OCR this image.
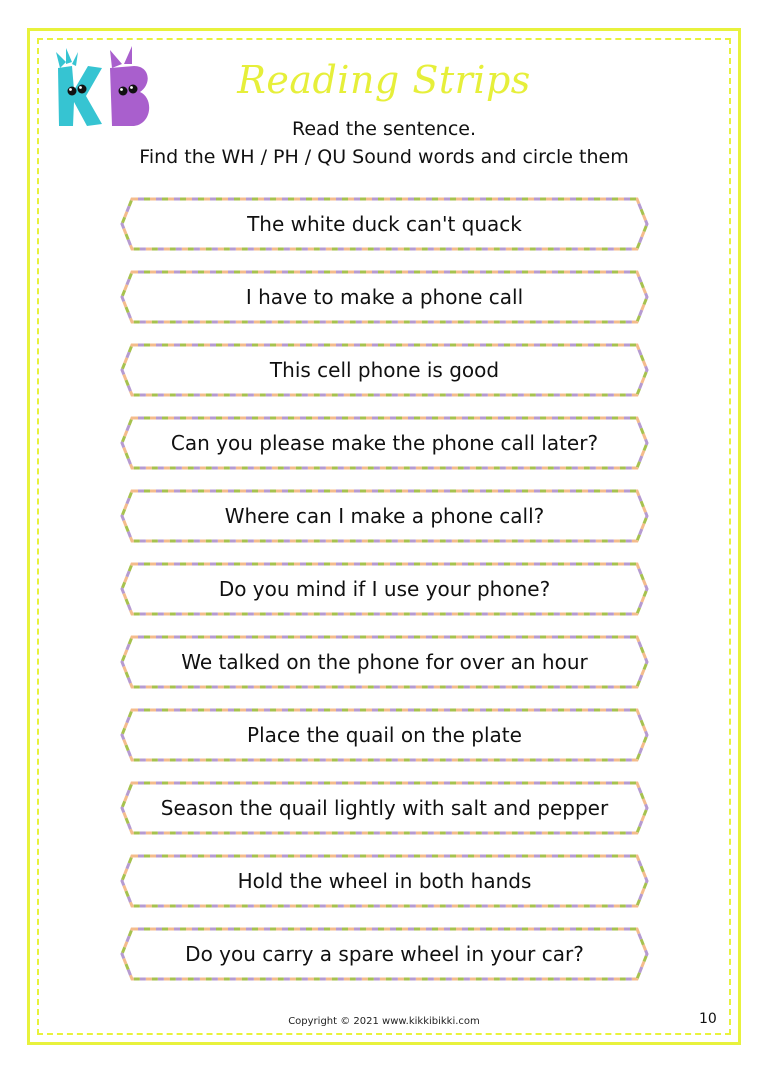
Reading Strips
Read the sentence.
Find the WH / PH / QU Sound words and circle them
The white duck can't quack
I have to make a phone call
This cell phone is good
Can you please make the phone call later?
Where can I make a phone call?
Do you mind if I use your phone?
We talked on the phone for over an hour
Place the quail on the plate
Season the quail lightly with salt and pepper
Hold the wheel in both hands
Do you carry a spare wheel in your car?
Copyright © 2021 www.kikkibikki.com	10
